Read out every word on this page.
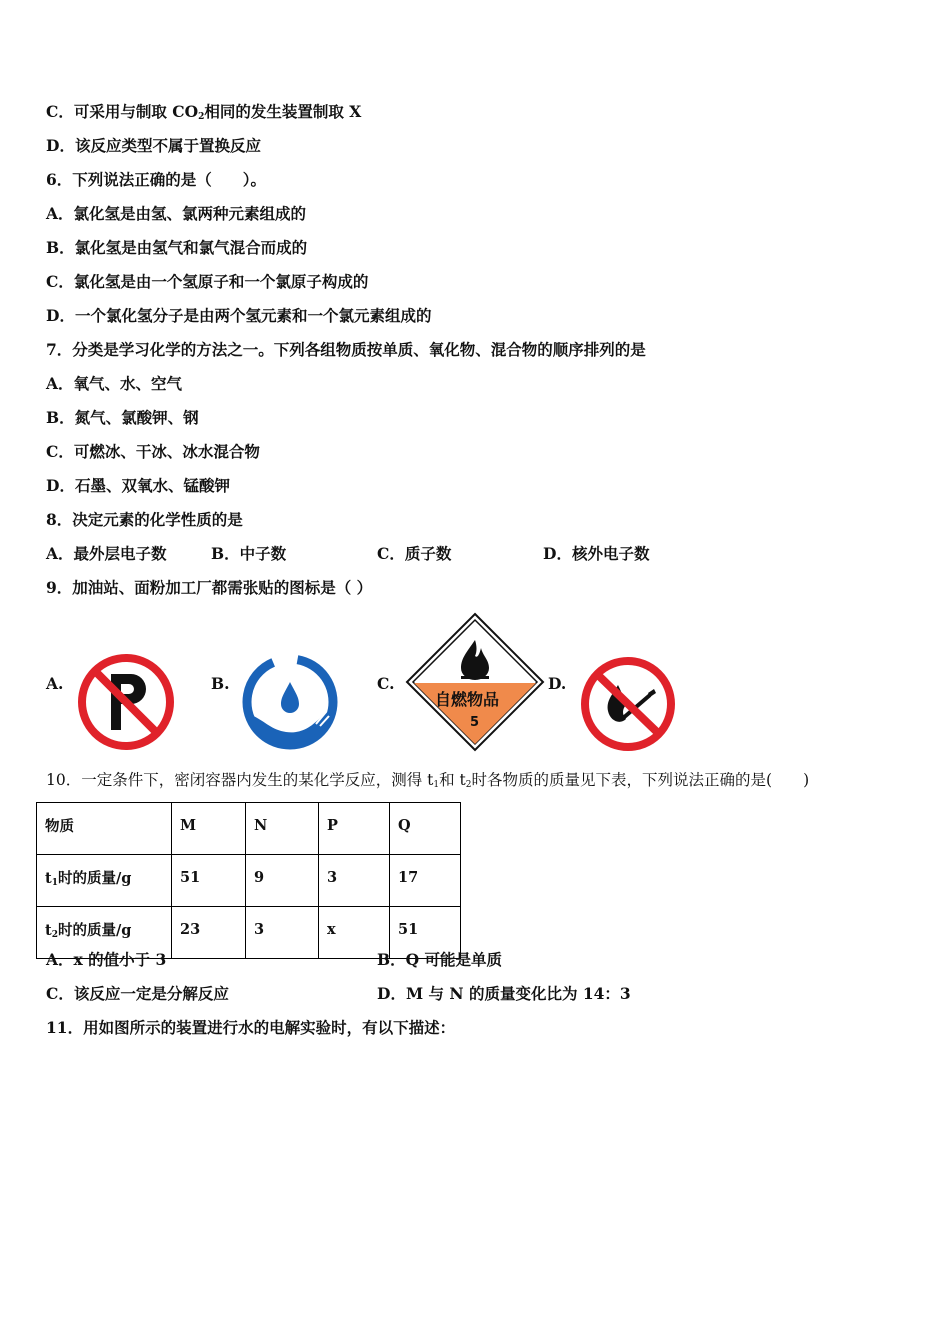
C．可采用与制取 $CO_2$相同的发生装置制取 X
D．该反应类型不属于置换反应
6．下列说法正确的是（　　）。
A．氯化氢是由氢、氯两种元素组成的
B．氯化氢是由氢气和氯气混合而成的
C．氯化氢是由一个氢原子和一个氯原子构成的
D．一个氯化氢分子是由两个氢元素和一个氯元素组成的
7．分类是学习化学的方法之一。下列各组物质按单质、氧化物、混合物的顺序排列的是
A．氧气、水、空气
B．氮气、氯酸钾、钢
C．可燃冰、干冰、冰水混合物
D．石墨、双氧水、锰酸钾
8．决定元素的化学性质的是
A．最外层电子数	B．中子数	C．质子数	D．核外电子数
9．加油站、面粉加工厂都需张贴的图标是（ ）
A.	B.	C.
自燃物品
5
D.
10．一定条件下，密闭容器内发生的某化学反应，测得 $t_1$和 $t_2$时各物质的质量见下表，下列说法正确的是(　　)
物质	M	N	P	Q
$t_1$时的质量/g	51	9	3	17
$t_2$时的质量/g	23	3	x	51
A．x 的值小于 3	B．Q 可能是单质
C．该反应一定是分解反应	D．M 与 N 的质量变化比为 14：3
11．用如图所示的装置进行水的电解实验时，有以下描述：
